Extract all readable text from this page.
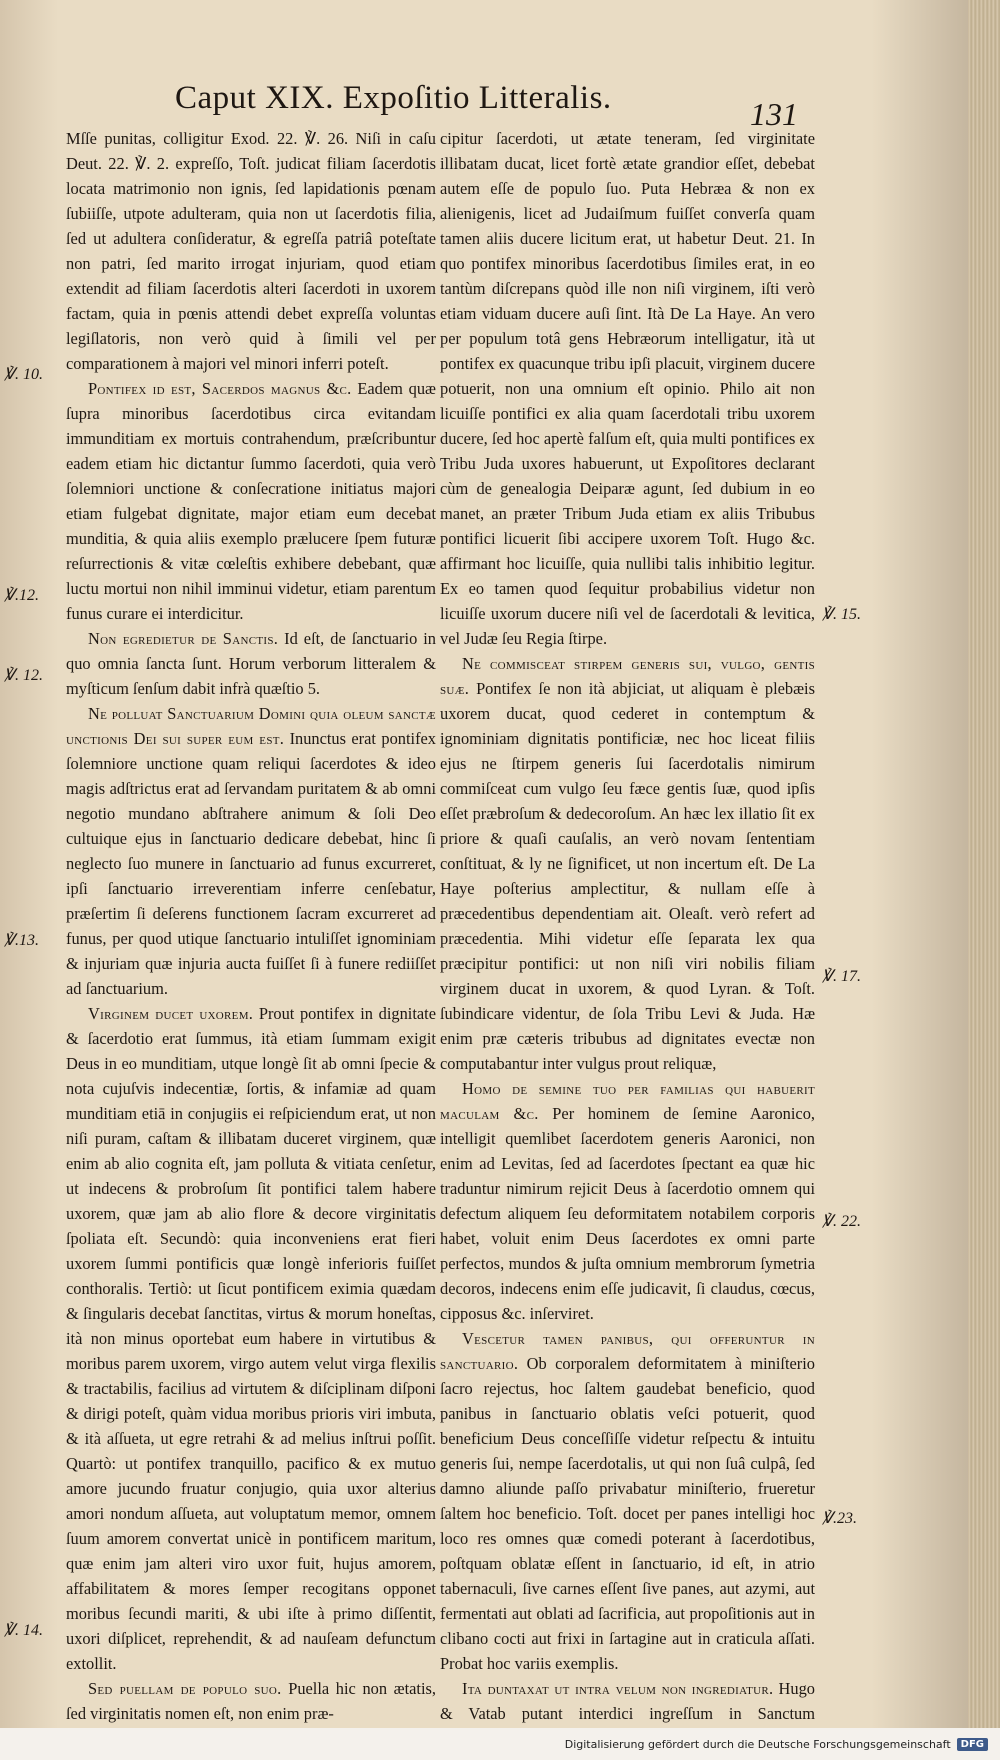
Caput XIX. Expoſitio Litteralis.	131

Mſſe punitas, colligitur Exod. 22. ℣. 26. Niſi in caſu Deut. 22. ℣. 2. expreſſo, Toſt. judicat filiam ſacerdotis locata matrimonio non ignis, ſed lapidationis pœnam ſubiiſſe, utpote adulteram, quia non ut ſacerdotis filia, ſed ut adultera conſideratur, & egreſſa patriâ poteſtate non patri, ſed marito irrogat injuriam, quod etiam extendit ad filiam ſacerdotis alteri ſacerdoti in uxorem factam, quia in pœnis attendi debet expreſſa voluntas legiſlatoris, non verò quid à ſimili vel per comparationem à majori vel minori inferri poteſt.

Pontifex id est, Sacerdos magnus &c. Eadem quæ ſupra minoribus ſacerdotibus circa evitandam immunditiam ex mortuis contrahendum, præſcribuntur eadem etiam hic dictantur ſummo ſacerdoti, quia verò ſolemniori unctione & conſecratione initiatus majori etiam fulgebat dignitate, major etiam eum decebat munditia, & quia aliis exemplo prælucere ſpem futuræ reſurrectionis & vitæ cœleſtis exhibere debebant, quæ luctu mortui non nihil imminui videtur, etiam parentum funus curare ei interdicitur.

Non egredietur de Sanctis. Id eſt, de ſanctuario in quo omnia ſancta ſunt. Horum verborum litteralem & myſticum ſenſum dabit infrà quæſtio 5.

Ne polluat Sanctuarium Domini quia oleum sanctæ unctionis Dei sui super eum est. Inunctus erat pontifex ſolemniore unctione quam reliqui ſacerdotes & ideo magis adſtrictus erat ad ſervandam puritatem & ab omni negotio mundano abſtrahere animum & ſoli Deo cultuique ejus in ſanctuario dedicare debebat, hinc ſi neglecto ſuo munere in ſanctuario ad funus excurreret, ipſi ſanctuario irreverentiam inferre cenſebatur, præſertim ſi deſerens functionem ſacram excurreret ad funus, per quod utique ſanctuario intuliſſet ignominiam & injuriam quæ injuria aucta fuiſſet ſi à funere rediiſſet ad ſanctuarium.

Virginem ducet uxorem. Prout pontifex in dignitate & ſacerdotio erat ſummus, ità etiam ſummam exigit Deus in eo munditiam, utque longè ſit ab omni ſpecie & nota cujuſvis indecentiæ, ſortis, & infamiæ ad quam munditiam etiā in conjugiis ei reſpiciendum erat, ut non niſi puram, caſtam & illibatam duceret virginem, quæ enim ab alio cognita eſt, jam polluta & vitiata cenſetur, ut indecens & probroſum ſit pontifici talem habere uxorem, quæ jam ab alio flore & decore virginitatis ſpoliata eſt. Secundò: quia inconveniens erat fieri uxorem ſummi pontificis quæ longè inferioris fuiſſet conthoralis. Tertiò: ut ſicut pontificem eximia quædam & ſingularis decebat ſanctitas, virtus & morum honeſtas, ità non minus oportebat eum habere in virtutibus & moribus parem uxorem, virgo autem velut virga flexilis & tractabilis, facilius ad virtutem & diſciplinam diſponi & dirigi poteſt, quàm vidua moribus prioris viri imbuta, & ità aſſueta, ut egre retrahi & ad melius inſtrui poſſit. Quartò: ut pontifex tranquillo, pacifico & ex mutuo amore jucundo fruatur conjugio, quia uxor alterius amori nondum aſſueta, aut voluptatum memor, omnem ſuum amorem convertat unicè in pontificem maritum, quæ enim jam alteri viro uxor fuit, hujus amorem, affabilitatem & mores ſemper recogitans opponet moribus ſecundi mariti, & ubi iſte à primo diſſentit, uxori diſplicet, reprehendit, & ad nauſeam defunctum extollit.

Sed puellam de populo suo. Puella hic non ætatis, ſed virginitatis nomen eſt, non enim præ-

cipitur ſacerdoti, ut ætate teneram, ſed virginitate illibatam ducat, licet fortè ætate grandior eſſet, debebat autem eſſe de populo ſuo. Puta Hebræa & non ex alienigenis, licet ad Judaiſmum fuiſſet converſa quam tamen aliis ducere licitum erat, ut habetur Deut. 21. In quo pontifex minoribus ſacerdotibus ſimiles erat, in eo tantùm diſcrepans quòd ille non niſi virginem, iſti verò etiam viduam ducere auſi ſint. Ità De La Haye. An vero per populum totâ gens Hebræorum intelligatur, ità ut pontifex ex quacunque tribu ipſi placuit, virginem ducere potuerit, non una omnium eſt opinio. Philo ait non licuiſſe pontifici ex alia quam ſacerdotali tribu uxorem ducere, ſed hoc apertè falſum eſt, quia multi pontifices ex Tribu Juda uxores habuerunt, ut Expoſitores declarant cùm de genealogia Deiparæ agunt, ſed dubium in eo manet, an præter Tribum Juda etiam ex aliis Tribubus pontifici licuerit ſibi accipere uxorem Toſt. Hugo &c. affirmant hoc licuiſſe, quia nullibi talis inhibitio legitur. Ex eo tamen quod ſequitur probabilius videtur non licuiſſe uxorum ducere niſi vel de ſacerdotali & levitica, vel Judæ ſeu Regia ſtirpe.

Ne commisceat stirpem generis sui, vulgo, gentis suæ. Pontifex ſe non ità abjiciat, ut aliquam è plebæis uxorem ducat, quod cederet in contemptum & ignominiam dignitatis pontificiæ, nec hoc liceat filiis ejus ne ſtirpem generis ſui ſacerdotalis nimirum commiſceat cum vulgo ſeu fæce gentis ſuæ, quod ipſis eſſet præbroſum & dedecoroſum. An hæc lex illatio ſit ex priore & quaſi cauſalis, an verò novam ſententiam conſtituat, & ly ne ſignificet, ut non incertum eſt. De La Haye poſterius amplectitur, & nullam eſſe à præcedentibus dependentiam ait. Oleaſt. verò refert ad præcedentia. Mihi videtur eſſe ſeparata lex qua præcipitur pontifici: ut non niſi viri nobilis filiam virginem ducat in uxorem, & quod Lyran. & Toſt. ſubindicare videntur, de ſola Tribu Levi & Juda. Hæ enim præ cæteris tribubus ad dignitates evectæ non computabantur inter vulgus prout reliquæ,

Homo de semine tuo per familias qui habuerit maculam &c. Per hominem de ſemine Aaronico, intelligit quemlibet ſacerdotem generis Aaronici, non enim ad Levitas, ſed ad ſacerdotes ſpectant ea quæ hic traduntur nimirum rejicit Deus à ſacerdotio omnem qui defectum aliquem ſeu deformitatem notabilem corporis habet, voluit enim Deus ſacerdotes ex omni parte perfectos, mundos & juſta omnium membrorum ſymetria decoros, indecens enim eſſe judicavit, ſi claudus, cœcus, cipposus &c. inſerviret.

Vescetur tamen panibus, qui offeruntur in sanctuario. Ob corporalem deformitatem à miniſterio ſacro rejectus, hoc ſaltem gaudebat beneficio, quod panibus in ſanctuario oblatis veſci potuerit, quod beneficium Deus conceſſiſſe videtur reſpectu & intuitu generis ſui, nempe ſacerdotalis, ut qui non ſuâ culpâ, ſed damno aliunde paſſo privabatur miniſterio, frueretur ſaltem hoc beneficio. Toſt. docet per panes intelligi hoc loco res omnes quæ comedi poterant à ſacerdotibus, poſtquam oblatæ eſſent in ſanctuario, id eſt, in atrio tabernaculi, ſive carnes eſſent ſive panes, aut azymi, aut fermentati aut oblati ad ſacrificia, aut propoſitionis aut in clibano cocti aut frixi in ſartagine aut in craticula aſſati. Probat hoc variis exemplis.

Ita duntaxat ut intra velum non ingrediatur. Hugo & Vatab putant interdici ingreſſum in Sanctum

℣. 10.
℣.12.
℣. 12.
℣.13.
℣. 14.
℣. 15.
℣. 17.
℣. 22.
℣.23.
Digitalisierung gefördert durch die Deutsche Forschungsgemeinschaft	DFG
